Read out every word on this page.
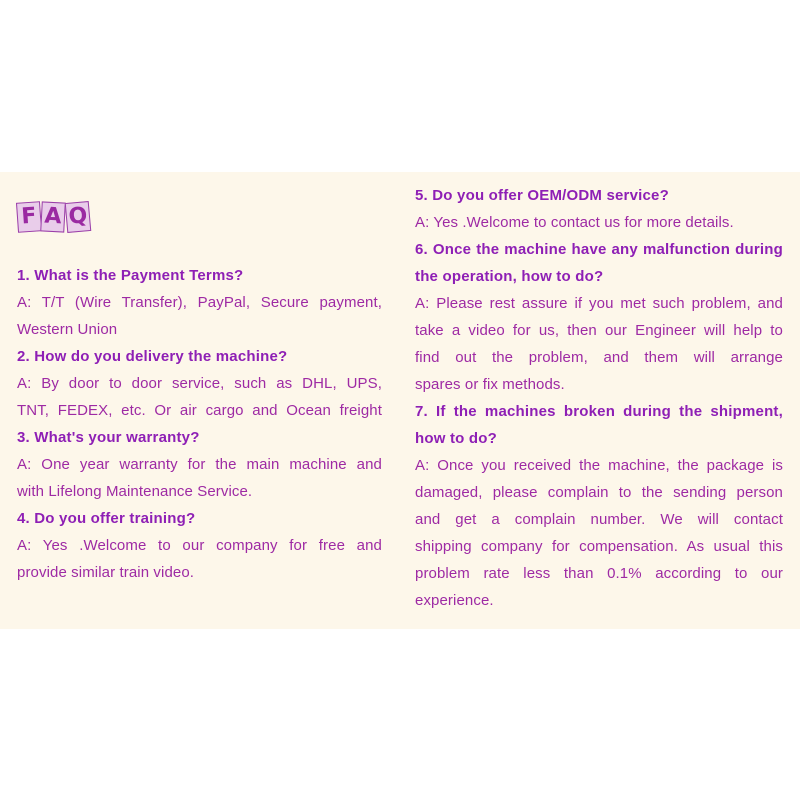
1. What is the Payment Terms?
A: T/T (Wire Transfer), PayPal, Secure payment,
Western Union
2. How do you delivery the machine?
A: By door to door service, such as DHL, UPS,
TNT, FEDEX, etc. Or air cargo and Ocean freight
3. What's your warranty?
A: One year warranty for the main machine and
with Lifelong Maintenance Service.
4. Do you offer training?
A: Yes .Welcome to our company for free and
provide similar train video.
5. Do you offer OEM/ODM service?
A: Yes .Welcome to contact us for more details.
6. Once the machine have any malfunction during
the operation, how to do?
A: Please rest assure if you met such problem, and
take a video for us, then our Engineer will help to
find out the problem, and them will arrange
spares or fix methods.
7. If the machines broken during the shipment,
how to do?
A: Once you received the machine, the package is
damaged, please complain to the sending person
and get a complain number. We will contact
shipping company for compensation. As usual this
problem rate less than 0.1% according to our
experience.
F A Q
